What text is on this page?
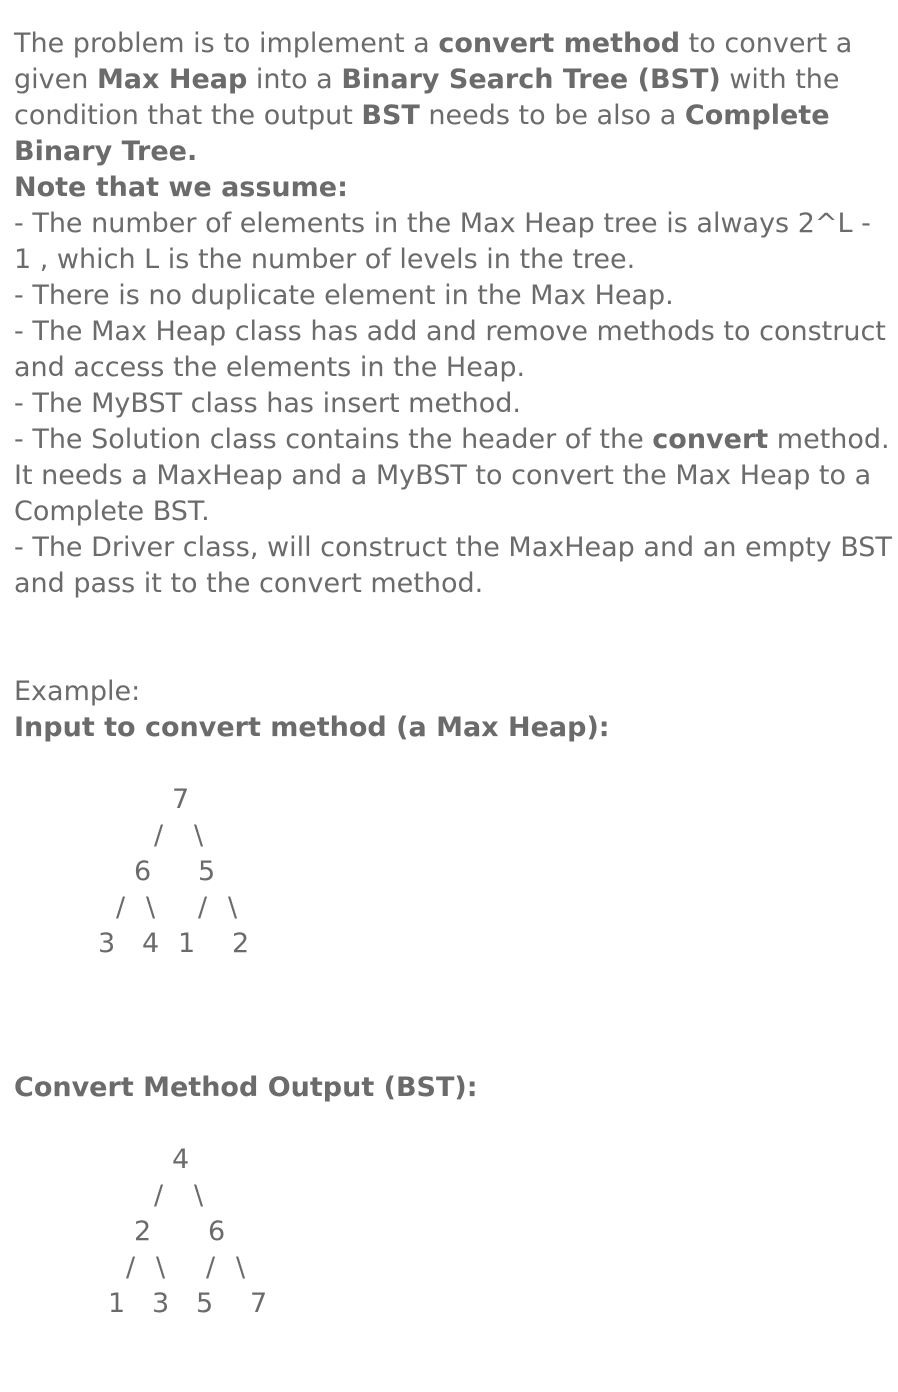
The problem is to implement a convert method to convert a
given Max Heap into a Binary Search Tree (BST) with the
condition that the output BST needs to be also a Complete
Binary Tree.
Note that we assume:
- The number of elements in the Max Heap tree is always 2^L -
1 , which L is the number of levels in the tree.
- There is no duplicate element in the Max Heap.
- The Max Heap class has add and remove methods to construct
and access the elements in the Heap.
- The MyBST class has insert method.
- The Solution class contains the header of the convert method.
It needs a MaxHeap and a MyBST to convert the Max Heap to a
Complete BST.
- The Driver class, will construct the MaxHeap and an empty BST
and pass it to the convert method.
Example:
Input to convert method (a Max Heap):
7
/ \
6 5
/ \ / \
3 4 1 2
Convert Method Output (BST):
4
/ \
2 6
/ \ / \
1 3 5 7
